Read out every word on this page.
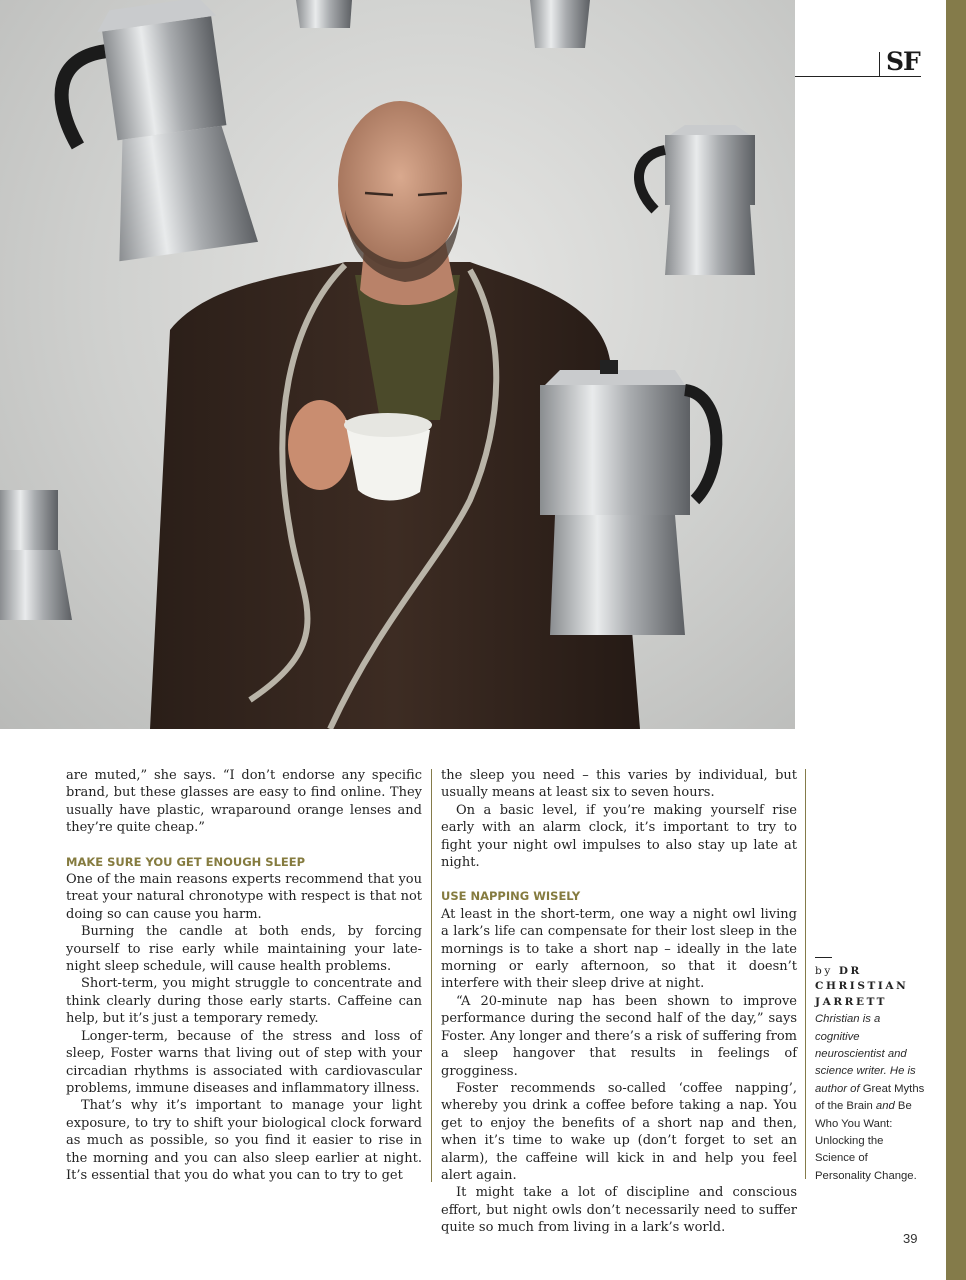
SF

are muted,” she says. “I don’t endorse any specific brand, but these glasses are easy to find online. They usually have plastic, wraparound orange lenses and they’re quite cheap.”

MAKE SURE YOU GET ENOUGH SLEEP

One of the main reasons experts recommend that you treat your natural chronotype with respect is that not doing so can cause you harm.

Burning the candle at both ends, by forcing yourself to rise early while maintaining your late-night sleep schedule, will cause health problems.

Short-term, you might struggle to concentrate and think clearly during those early starts. Caffeine can help, but it’s just a temporary remedy.

Longer-term, because of the stress and loss of sleep, Foster warns that living out of step with your circadian rhythms is associated with cardiovascular problems, immune diseases and inflammatory illness.

That’s why it’s important to manage your light exposure, to try to shift your biological clock forward as much as possible, so you find it easier to rise in the morning and you can also sleep earlier at night. It’s essential that you do what you can to try to get

the sleep you need – this varies by individual, but usually means at least six to seven hours.

On a basic level, if you’re making yourself rise early with an alarm clock, it’s important to try to fight your night owl impulses to also stay up late at night.

USE NAPPING WISELY

At least in the short-term, one way a night owl living a lark’s life can compensate for their lost sleep in the mornings is to take a short nap – ideally in the late morning or early afternoon, so that it doesn’t interfere with their sleep drive at night.

“A 20-minute nap has been shown to improve performance during the second half of the day,” says Foster. Any longer and there’s a risk of suffering from a sleep hangover that results in feelings of grogginess.

Foster recommends so-called ‘coffee napping’, whereby you drink a coffee before taking a nap. You get to enjoy the benefits of a short nap and then, when it’s time to wake up (don’t forget to set an alarm), the caffeine will kick in and help you feel alert again.

It might take a lot of discipline and conscious effort, but night owls don’t necessarily need to suffer quite so much from living in a lark’s world.

by DR CHRISTIAN JARRETT
Christian is a cognitive neuroscientist and science writer. He is author of Great Myths of the Brain and Be Who You Want: Unlocking the Science of Personality Change.
39
